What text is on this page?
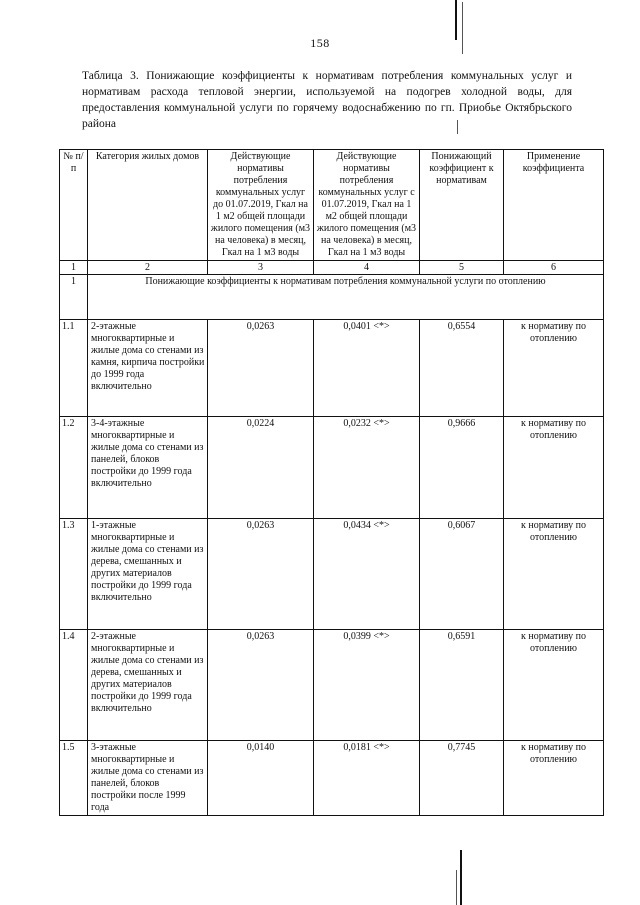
158
Таблица 3. Понижающие коэффициенты к нормативам потребления коммунальных услуг и нормативам расхода тепловой энергии, используемой на подогрев холодной воды, для предоставления коммунальной услуги по горячему водоснабжению по гп. Приобье Октябрьского района
№ п/п	Категория жилых домов	Действующие нормативы потребления коммунальных услуг до 01.07.2019, Гкал на 1 м2 общей площади жилого помещения (м3 на человека) в месяц, Гкал на 1 м3 воды	Действующие нормативы потребления коммунальных услуг с 01.07.2019, Гкал на 1 м2 общей площади жилого помещения (м3 на человека) в месяц, Гкал на 1 м3 воды	Понижающий коэффициент к нормативам	Применение коэффициента
1	2	3	4	5	6
1	Понижающие коэффициенты к нормативам потребления коммунальной услуги по отоплению				
1.1	2-этажные многоквартирные и жилые дома со стенами из камня, кирпича постройки до 1999 года включительно	0,0263	0,0401 <*>	0,6554	к нормативу по отоплению
1.2	3-4-этажные многоквартирные и жилые дома со стенами из панелей, блоков постройки до 1999 года включительно	0,0224	0,0232 <*>	0,9666	к нормативу по отоплению
1.3	1-этажные многоквартирные и жилые дома со стенами из дерева, смешанных и других материалов постройки до 1999 года включительно	0,0263	0,0434 <*>	0,6067	к нормативу по отоплению
1.4	2-этажные многоквартирные и жилые дома со стенами из дерева, смешанных и других материалов постройки до 1999 года включительно	0,0263	0,0399 <*>	0,6591	к нормативу по отоплению
1.5	3-этажные многоквартирные и жилые дома со стенами из панелей, блоков постройки после 1999 года	0,0140	0,0181 <*>	0,7745	к нормативу по отоплению
